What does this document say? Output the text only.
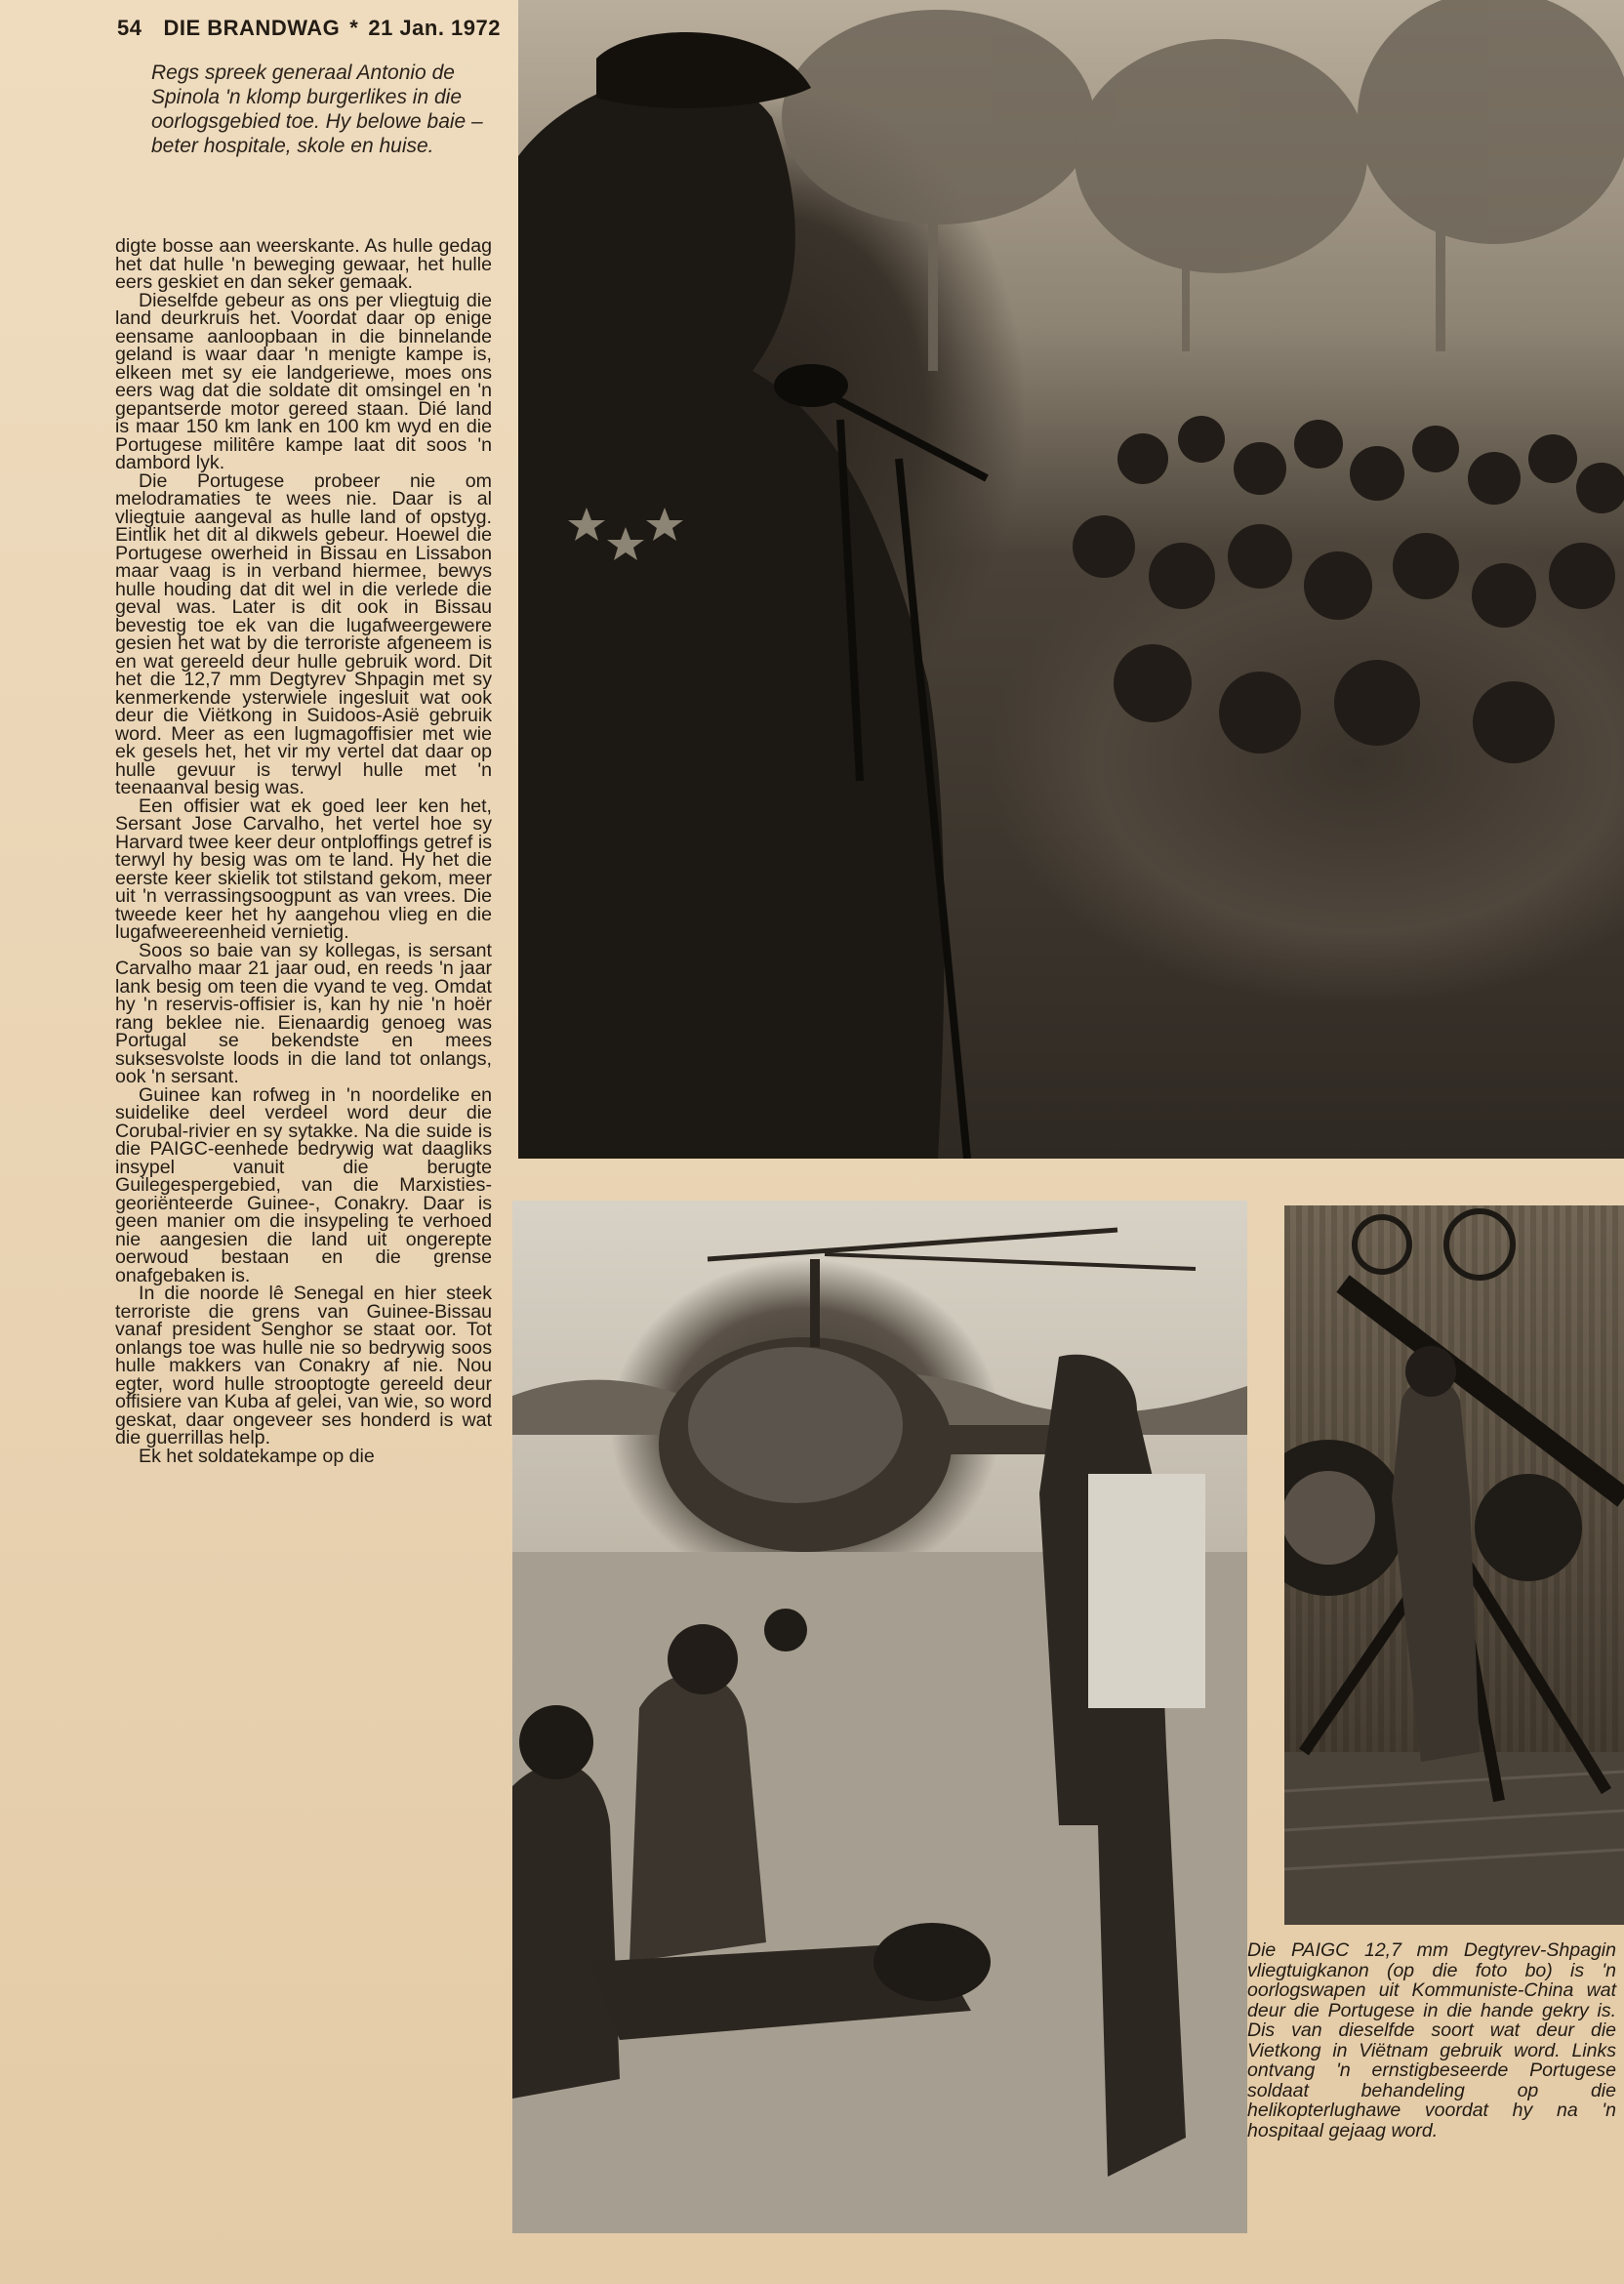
54 DIE BRANDWAG * 21 Jan. 1972
Regs spreek generaal Antonio de Spinola 'n klomp burgerlikes in die oorlogsgebied toe. Hy belowe baie – beter hospitale, skole en huise.

digte bosse aan weerskante. As hulle gedag het dat hulle 'n beweging gewaar, het hulle eers geskiet en dan seker gemaak.

Dieselfde gebeur as ons per vliegtuig die land deurkruis het. Voordat daar op enige eensame aanloopbaan in die binnelande geland is waar daar 'n menigte kampe is, elkeen met sy eie landgeriewe, moes ons eers wag dat die soldate dit omsingel en 'n gepantserde motor gereed staan. Dié land is maar 150 km lank en 100 km wyd en die Portugese militêre kampe laat dit soos 'n dambord lyk.

Die Portugese probeer nie om melodramaties te wees nie. Daar is al vliegtuie aangeval as hulle land of opstyg. Eintlik het dit al dikwels gebeur. Hoewel die Portugese owerheid in Bissau en Lissabon maar vaag is in verband hiermee, bewys hulle houding dat dit wel in die verlede die geval was. Later is dit ook in Bissau bevestig toe ek van die lugafweergewere gesien het wat by die terroriste afgeneem is en wat gereeld deur hulle gebruik word. Dit het die 12,7 mm Degtyrev Shpagin met sy kenmerkende ysterwiele ingesluit wat ook deur die Viëtkong in Suidoos-Asië gebruik word. Meer as een lugmagoffisier met wie ek gesels het, het vir my vertel dat daar op hulle gevuur is terwyl hulle met 'n teenaanval besig was.

Een offisier wat ek goed leer ken het, Sersant Jose Carvalho, het vertel hoe sy Harvard twee keer deur ontploffings getref is terwyl hy besig was om te land. Hy het die eerste keer skielik tot stilstand gekom, meer uit 'n verrassingsoogpunt as van vrees. Die tweede keer het hy aangehou vlieg en die lugafweereenheid vernietig.

Soos so baie van sy kollegas, is sersant Carvalho maar 21 jaar oud, en reeds 'n jaar lank besig om teen die vyand te veg. Omdat hy 'n reservis-offisier is, kan hy nie 'n hoër rang beklee nie. Eienaardig genoeg was Portugal se bekendste en mees suksesvolste loods in die land tot onlangs, ook 'n sersant.

Guinee kan rofweg in 'n noordelike en suidelike deel verdeel word deur die Corubal-rivier en sy sytakke. Na die suide is die PAIGC-eenhede bedrywig wat daagliks insypel vanuit die berugte Guilegespergebied, van die Marxisties-georiënteerde Guinee-, Conakry. Daar is geen manier om die insypeling te verhoed nie aangesien die land uit ongerepte oerwoud bestaan en die grense onafgebaken is.

In die noorde lê Senegal en hier steek terroriste die grens van Guinee-Bissau vanaf president Senghor se staat oor. Tot onlangs toe was hulle nie so bedrywig soos hulle makkers van Conakry af nie. Nou egter, word hulle strooptogte gereeld deur offisiere van Kuba af gelei, van wie, so word geskat, daar ongeveer ses honderd is wat die guerrillas help.

Ek het soldatekampe op die

Die PAIGC 12,7 mm Degtyrev-Shpagin vliegtuigkanon (op die foto bo) is 'n oorlogswapen uit Kommuniste-China wat deur die Portugese in die hande gekry is. Dis van dieselfde soort wat deur die Vietkong in Viëtnam gebruik word. Links ontvang 'n ernstigbeseerde Portugese soldaat behandeling op die helikopterlughawe voordat hy na 'n hospitaal gejaag word.
